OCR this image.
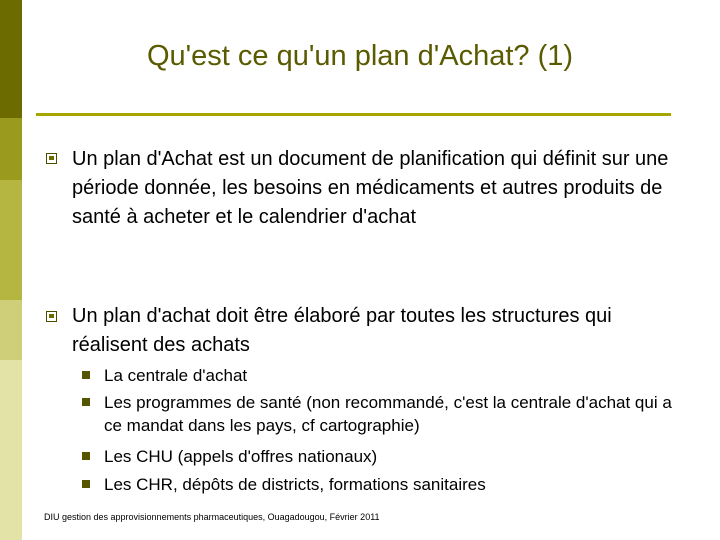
Qu'est ce qu'un plan d'Achat? (1)
Un plan d'Achat est un document de planification qui définit sur une période donnée, les besoins en médicaments et autres produits de santé à acheter et le calendrier d'achat
Un plan d'achat doit être élaboré par toutes les structures qui réalisent des achats
La centrale d'achat
Les programmes de santé (non recommandé, c'est la centrale d'achat qui a ce mandat dans les pays, cf cartographie)
Les CHU (appels d'offres nationaux)
Les CHR, dépôts de districts, formations sanitaires
DIU gestion des approvisionnements pharmaceutiques, Ouagadougou, Février 2011
